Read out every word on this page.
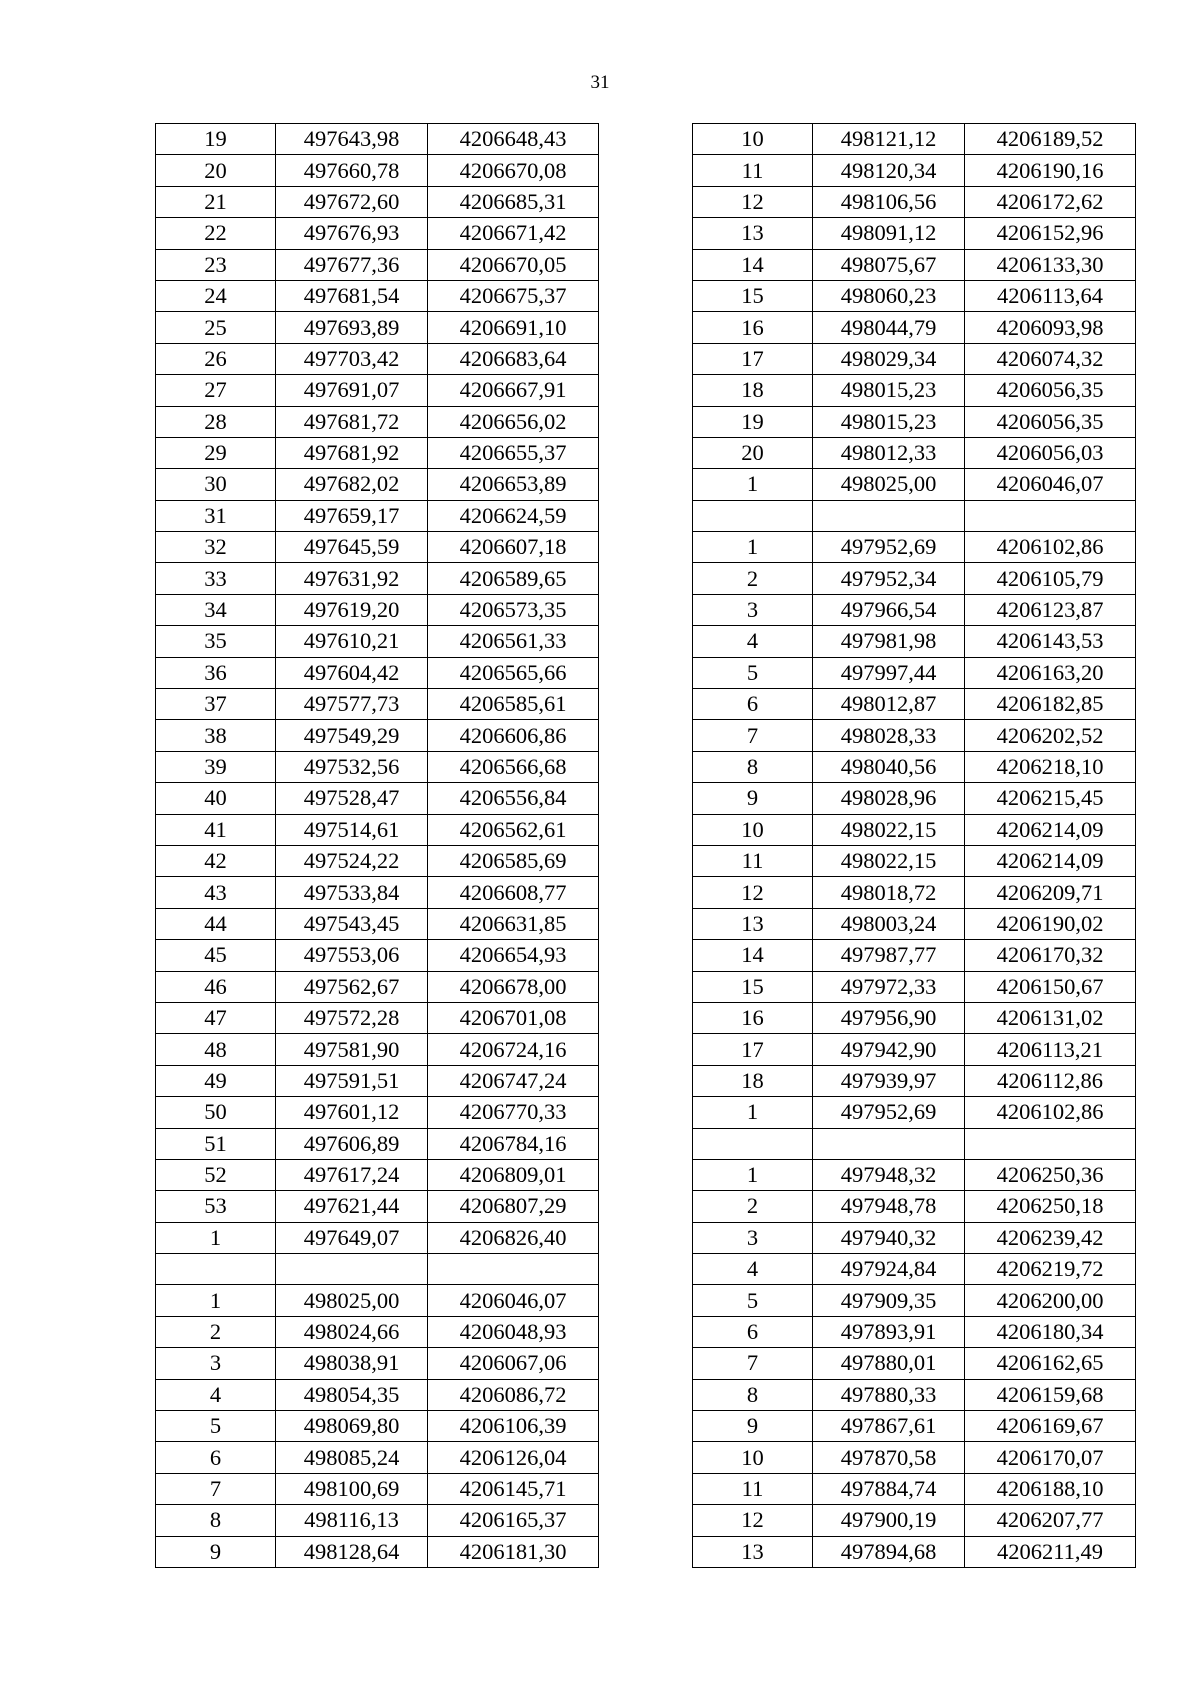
31
19	497643,98	4206648,43
20	497660,78	4206670,08
21	497672,60	4206685,31
22	497676,93	4206671,42
23	497677,36	4206670,05
24	497681,54	4206675,37
25	497693,89	4206691,10
26	497703,42	4206683,64
27	497691,07	4206667,91
28	497681,72	4206656,02
29	497681,92	4206655,37
30	497682,02	4206653,89
31	497659,17	4206624,59
32	497645,59	4206607,18
33	497631,92	4206589,65
34	497619,20	4206573,35
35	497610,21	4206561,33
36	497604,42	4206565,66
37	497577,73	4206585,61
38	497549,29	4206606,86
39	497532,56	4206566,68
40	497528,47	4206556,84
41	497514,61	4206562,61
42	497524,22	4206585,69
43	497533,84	4206608,77
44	497543,45	4206631,85
45	497553,06	4206654,93
46	497562,67	4206678,00
47	497572,28	4206701,08
48	497581,90	4206724,16
49	497591,51	4206747,24
50	497601,12	4206770,33
51	497606,89	4206784,16
52	497617,24	4206809,01
53	497621,44	4206807,29
1	497649,07	4206826,40

1	498025,00	4206046,07
2	498024,66	4206048,93
3	498038,91	4206067,06
4	498054,35	4206086,72
5	498069,80	4206106,39
6	498085,24	4206126,04
7	498100,69	4206145,71
8	498116,13	4206165,37
9	498128,64	4206181,30
10	498121,12	4206189,52
11	498120,34	4206190,16
12	498106,56	4206172,62
13	498091,12	4206152,96
14	498075,67	4206133,30
15	498060,23	4206113,64
16	498044,79	4206093,98
17	498029,34	4206074,32
18	498015,23	4206056,35
19	498015,23	4206056,35
20	498012,33	4206056,03
1	498025,00	4206046,07

1	497952,69	4206102,86
2	497952,34	4206105,79
3	497966,54	4206123,87
4	497981,98	4206143,53
5	497997,44	4206163,20
6	498012,87	4206182,85
7	498028,33	4206202,52
8	498040,56	4206218,10
9	498028,96	4206215,45
10	498022,15	4206214,09
11	498022,15	4206214,09
12	498018,72	4206209,71
13	498003,24	4206190,02
14	497987,77	4206170,32
15	497972,33	4206150,67
16	497956,90	4206131,02
17	497942,90	4206113,21
18	497939,97	4206112,86
1	497952,69	4206102,86

1	497948,32	4206250,36
2	497948,78	4206250,18
3	497940,32	4206239,42
4	497924,84	4206219,72
5	497909,35	4206200,00
6	497893,91	4206180,34
7	497880,01	4206162,65
8	497880,33	4206159,68
9	497867,61	4206169,67
10	497870,58	4206170,07
11	497884,74	4206188,10
12	497900,19	4206207,77
13	497894,68	4206211,49
